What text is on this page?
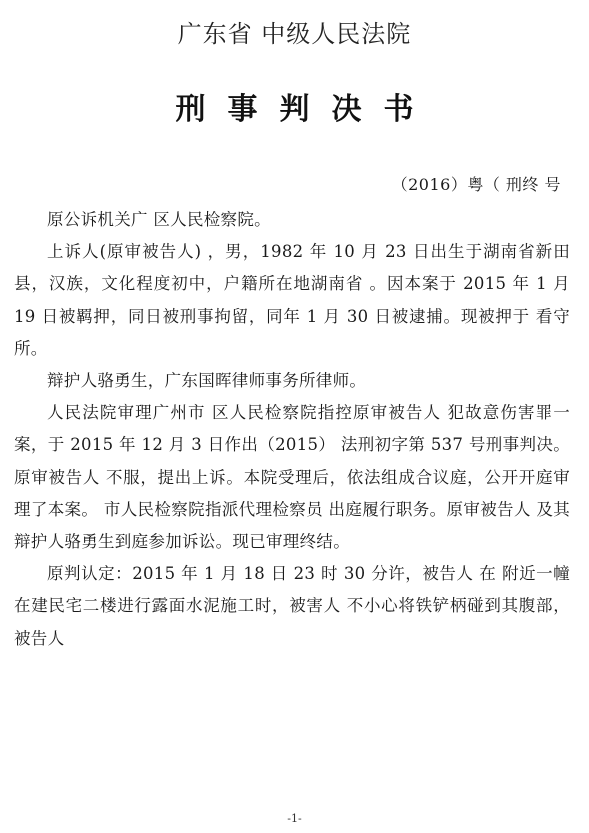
广东省 中级人民法院
刑事判决书
（2016）粤（ 刑终 号

原公诉机关广 区人民检察院。

上诉人(原审被告人) ，男，1982 年 10 月 23 日出生于湖南省新田县，汉族，文化程度初中，户籍所在地湖南省 。因本案于 2015 年 1 月 19 日被羁押，同日被刑事拘留，同年 1 月 30 日被逮捕。现被押于 看守所。

辩护人骆勇生，广东国晖律师事务所律师。

人民法院审理广州市 区人民检察院指控原审被告人 犯故意伤害罪一案，于 2015 年 12 月 3 日作出（2015） 法刑初字第 537 号刑事判决。原审被告人 不服，提出上诉。本院受理后，依法组成合议庭，公开开庭审理了本案。 市人民检察院指派代理检察员 出庭履行职务。原审被告人 及其辩护人骆勇生到庭参加诉讼。现已审理终结。

原判认定：2015 年 1 月 18 日 23 时 30 分许，被告人 在 附近一幢在建民宅二楼进行露面水泥施工时，被害人 不小心将铁铲柄碰到其腹部，被告人

-1-
